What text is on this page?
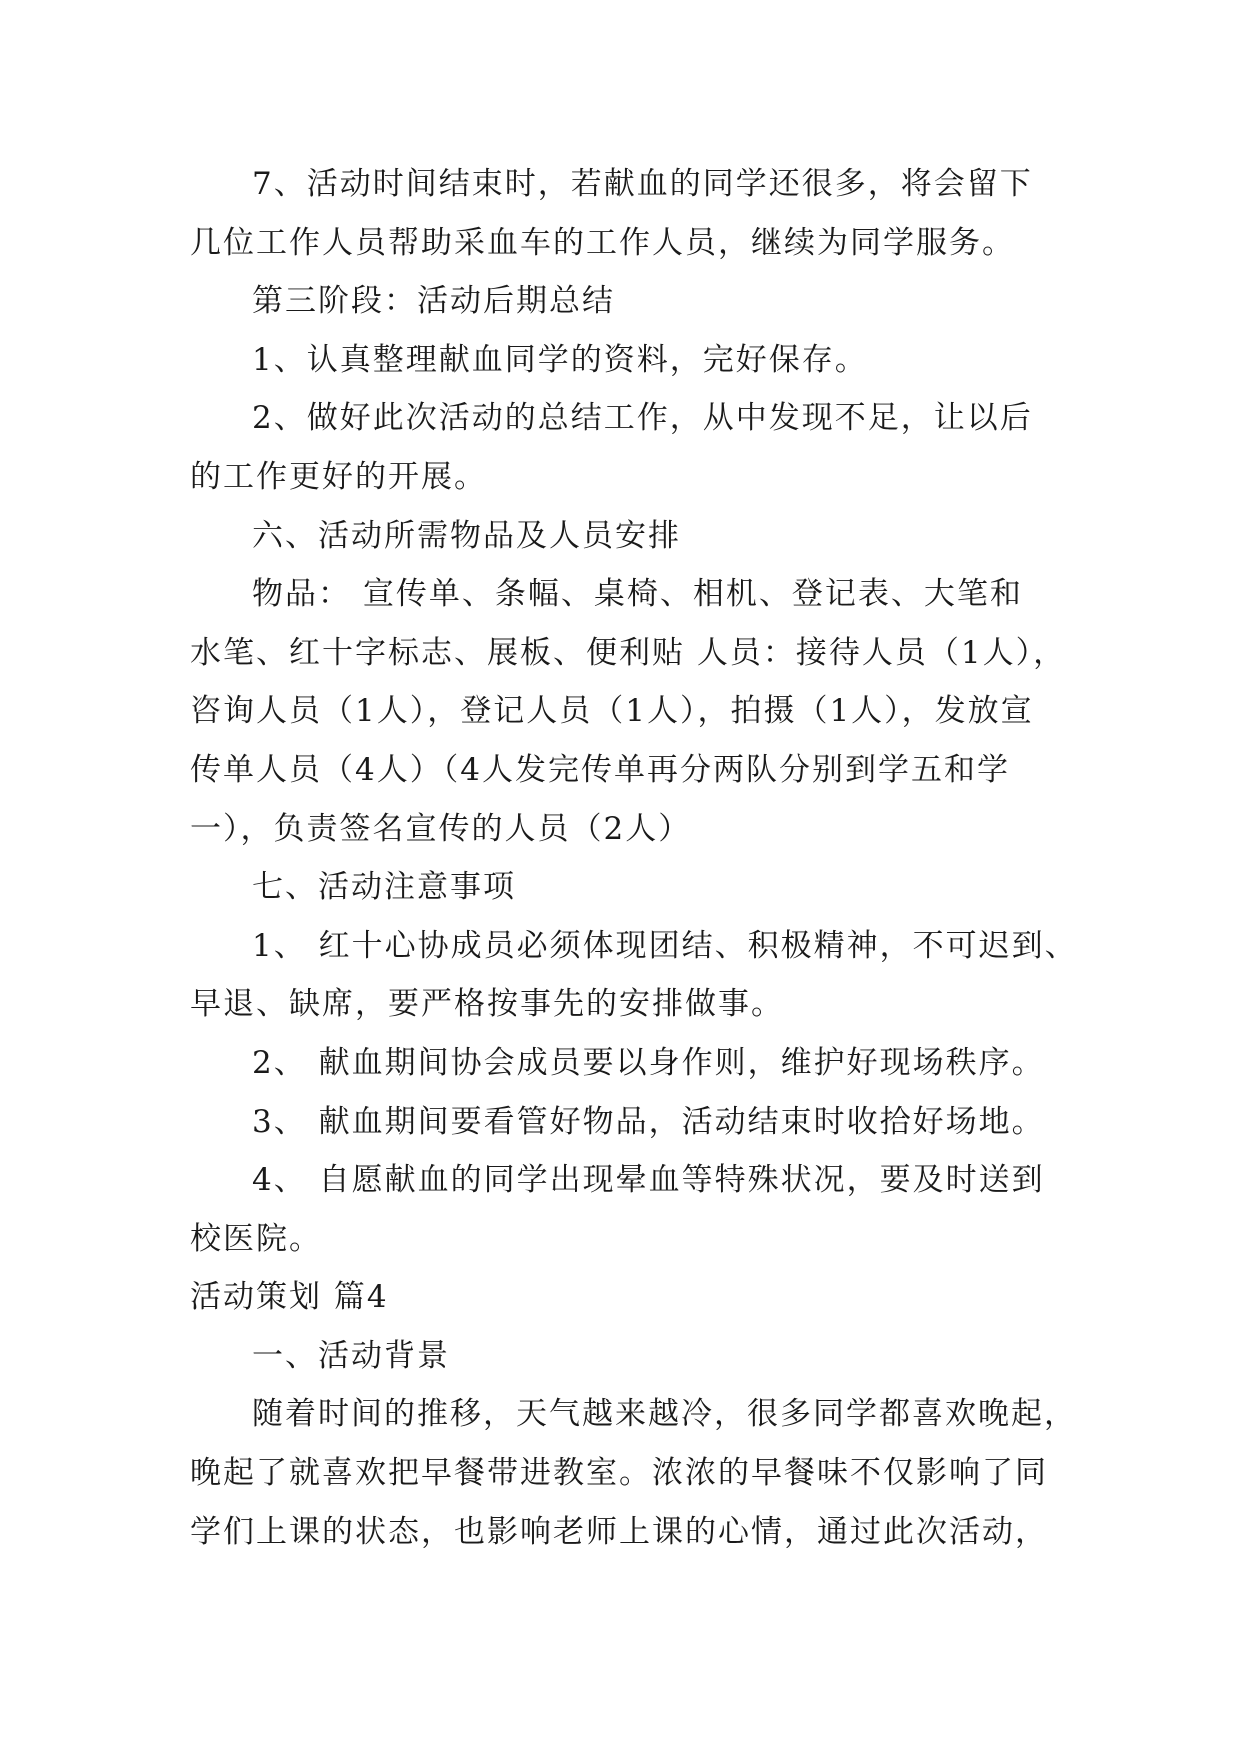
7、活动时间结束时，若献血的同学还很多，将会留下
几位工作人员帮助采血车的工作人员，继续为同学服务。
第三阶段：活动后期总结
1、认真整理献血同学的资料，完好保存。
2、做好此次活动的总结工作，从中发现不足，让以后
的工作更好的开展。
六、活动所需物品及人员安排
物品： 宣传单、条幅、桌椅、相机、登记表、大笔和
水笔、红十字标志、展板、便利贴 人员：接待人员（1人），
咨询人员（1人），登记人员（1人），拍摄（1人），发放宣
传单人员（4人）（4人发完传单再分两队分别到学五和学
一），负责签名宣传的人员（2人）
七、活动注意事项
1、 红十心协成员必须体现团结、积极精神，不可迟到、
早退、缺席，要严格按事先的安排做事。
2、 献血期间协会成员要以身作则，维护好现场秩序。
3、 献血期间要看管好物品，活动结束时收拾好场地。
4、 自愿献血的同学出现晕血等特殊状况，要及时送到
校医院。
活动策划 篇4
一、活动背景
随着时间的推移，天气越来越冷，很多同学都喜欢晚起，
晚起了就喜欢把早餐带进教室。浓浓的早餐味不仅影响了同
学们上课的状态，也影响老师上课的心情，通过此次活动，
